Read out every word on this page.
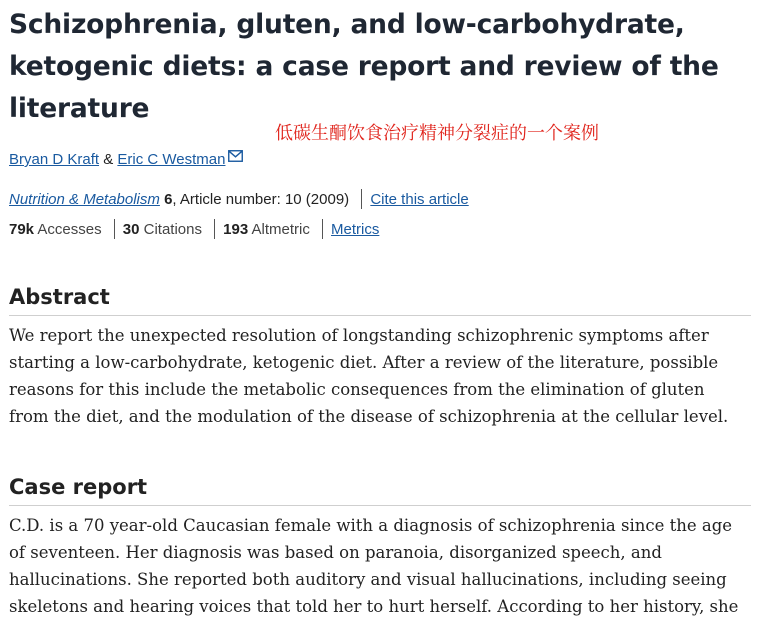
Schizophrenia, gluten, and low-carbohydrate,
ketogenic diets: a case report and review of the
literature
低碳生酮饮食治疗精神分裂症的一个案例
Bryan D Kraft & Eric C Westman
Nutrition & Metabolism 6, Article number: 10 (2009) Cite this article
79k Accesses 30 Citations 193 Altmetric Metrics
Abstract
We report the unexpected resolution of longstanding schizophrenic symptoms after
starting a low-carbohydrate, ketogenic diet. After a review of the literature, possible
reasons for this include the metabolic consequences from the elimination of gluten
from the diet, and the modulation of the disease of schizophrenia at the cellular level.
Case report
C.D. is a 70 year-old Caucasian female with a diagnosis of schizophrenia since the age
of seventeen. Her diagnosis was based on paranoia, disorganized speech, and
hallucinations. She reported both auditory and visual hallucinations, including seeing
skeletons and hearing voices that told her to hurt herself. According to her history, she
